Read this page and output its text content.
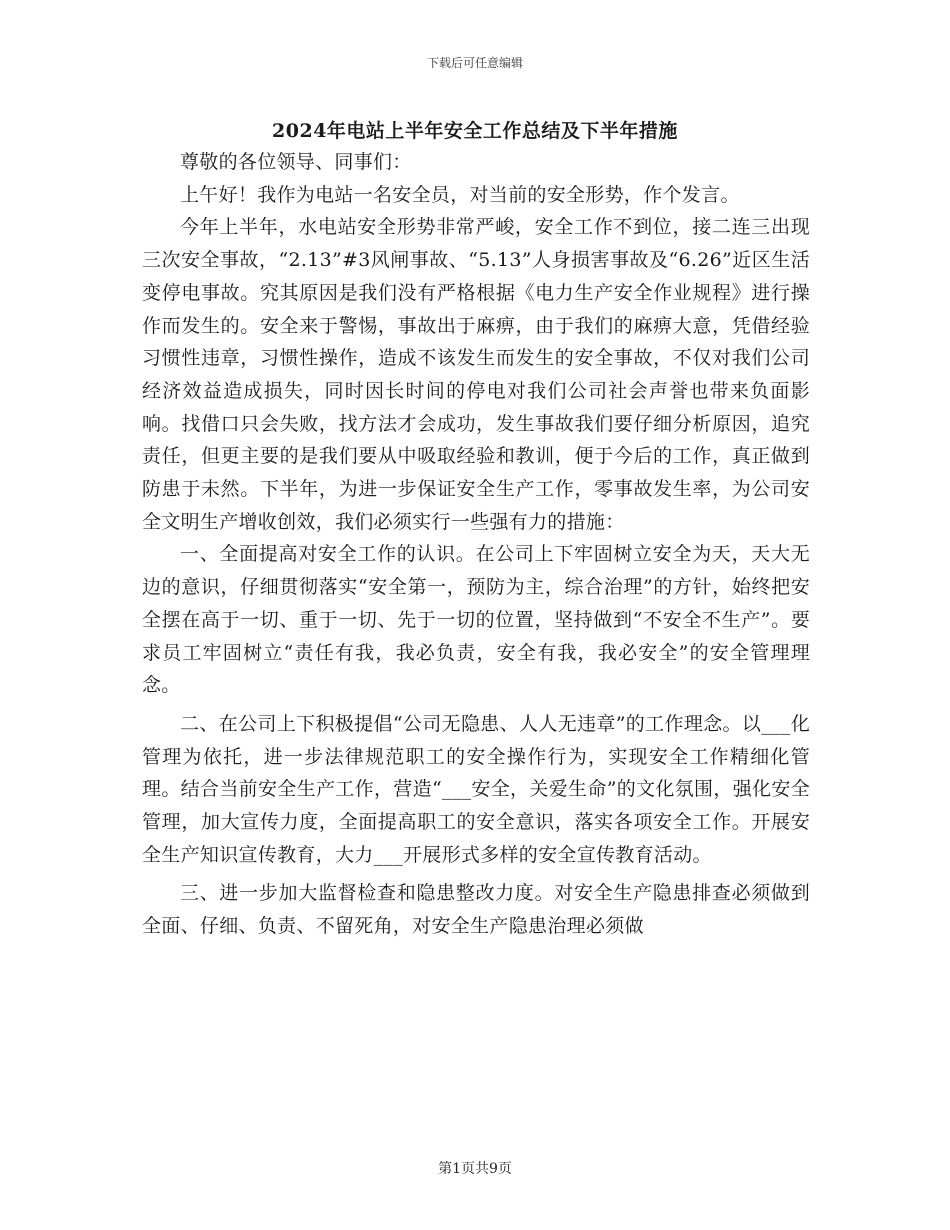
下载后可任意编辑
2024年电站上半年安全工作总结及下半年措施

尊敬的各位领导、同事们：

上午好！我作为电站一名安全员，对当前的安全形势，作个发言。

今年上半年，水电站安全形势非常严峻，安全工作不到位，接二连三出现三次安全事故，“2.13”#3风闸事故、“5.13”人身损害事故及“6.26”近区生活变停电事故。究其原因是我们没有严格根据《电力生产安全作业规程》进行操作而发生的。安全来于警惕，事故出于麻痹，由于我们的麻痹大意，凭借经验习惯性违章，习惯性操作，造成不该发生而发生的安全事故，不仅对我们公司经济效益造成损失，同时因长时间的停电对我们公司社会声誉也带来负面影响。找借口只会失败，找方法才会成功，发生事故我们要仔细分析原因，追究责任，但更主要的是我们要从中吸取经验和教训，便于今后的工作，真正做到防患于未然。下半年，为进一步保证安全生产工作，零事故发生率，为公司安全文明生产增收创效，我们必须实行一些强有力的措施：

一、全面提高对安全工作的认识。在公司上下牢固树立安全为天，天大无边的意识，仔细贯彻落实“安全第一，预防为主，综合治理”的方针，始终把安全摆在高于一切、重于一切、先于一切的位置，坚持做到“不安全不生产”。要求员工牢固树立“责任有我，我必负责，安全有我，我必安全”的安全管理理念。

二、在公司上下积极提倡“公司无隐患、人人无违章”的工作理念。以___化管理为依托，进一步法律规范职工的安全操作行为，实现安全工作精细化管理。结合当前安全生产工作，营造“___安全，关爱生命”的文化氛围，强化安全管理，加大宣传力度，全面提高职工的安全意识，落实各项安全工作。开展安全生产知识宣传教育，大力___开展形式多样的安全宣传教育活动。

三、进一步加大监督检查和隐患整改力度。对安全生产隐患排查必须做到全面、仔细、负责、不留死角，对安全生产隐患治理必须做

第1页共9页
